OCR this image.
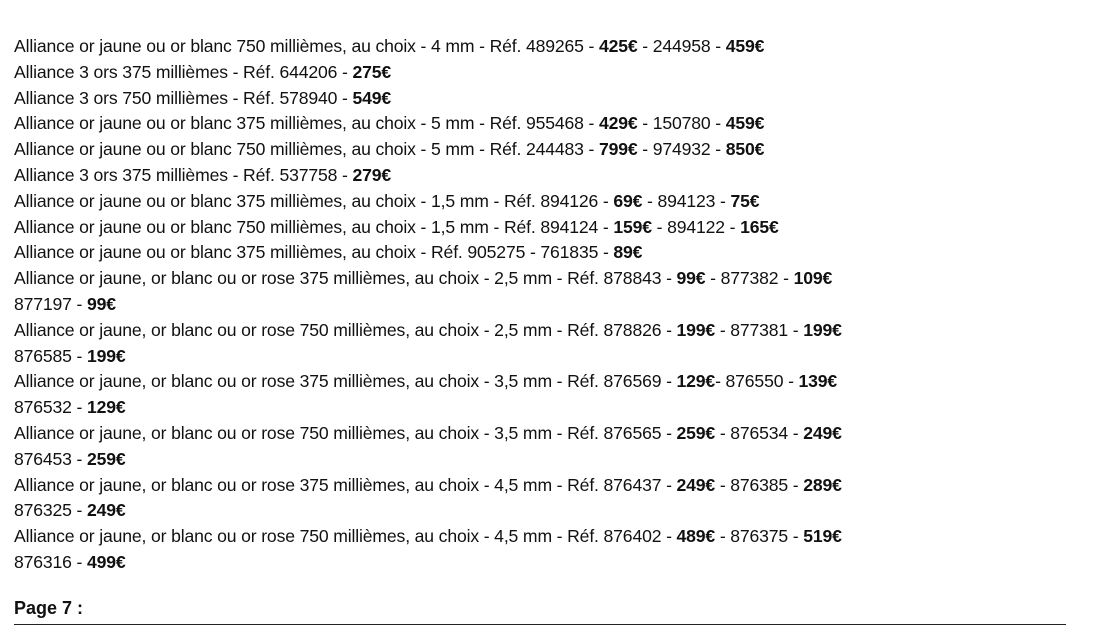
Alliance or jaune ou or blanc 750 millièmes, au choix - 4 mm - Réf. 489265 - 425€ - 244958 - 459€
Alliance 3 ors 375 millièmes - Réf. 644206 - 275€
Alliance 3 ors 750 millièmes - Réf. 578940 - 549€
Alliance or jaune ou or blanc 375 millièmes, au choix - 5 mm - Réf. 955468 - 429€ - 150780 - 459€
Alliance or jaune ou or blanc 750 millièmes, au choix - 5 mm - Réf. 244483 - 799€ - 974932 - 850€
Alliance 3 ors 375 millièmes - Réf. 537758 - 279€
Alliance or jaune ou or blanc 375 millièmes, au choix - 1,5 mm - Réf. 894126 - 69€ - 894123 - 75€
Alliance or jaune ou or blanc 750 millièmes, au choix - 1,5 mm - Réf. 894124 - 159€ - 894122 - 165€
Alliance or jaune ou or blanc 375 millièmes, au choix - Réf. 905275 - 761835 - 89€
Alliance or jaune, or blanc ou or rose 375 millièmes, au choix - 2,5 mm - Réf. 878843 - 99€ - 877382 - 109€
877197 - 99€
Alliance or jaune, or blanc ou or rose 750 millièmes, au choix - 2,5 mm - Réf. 878826 - 199€ - 877381 - 199€
876585 - 199€
Alliance or jaune, or blanc ou or rose 375 millièmes, au choix - 3,5 mm - Réf. 876569 - 129€- 876550 - 139€
876532 - 129€
Alliance or jaune, or blanc ou or rose 750 millièmes, au choix - 3,5 mm - Réf. 876565 - 259€ - 876534 - 249€
876453 - 259€
Alliance or jaune, or blanc ou or rose 375 millièmes, au choix - 4,5 mm - Réf. 876437 - 249€ - 876385 - 289€
876325 - 249€
Alliance or jaune, or blanc ou or rose 750 millièmes, au choix - 4,5 mm - Réf. 876402 - 489€ - 876375 - 519€
876316 - 499€
Page 7 :
